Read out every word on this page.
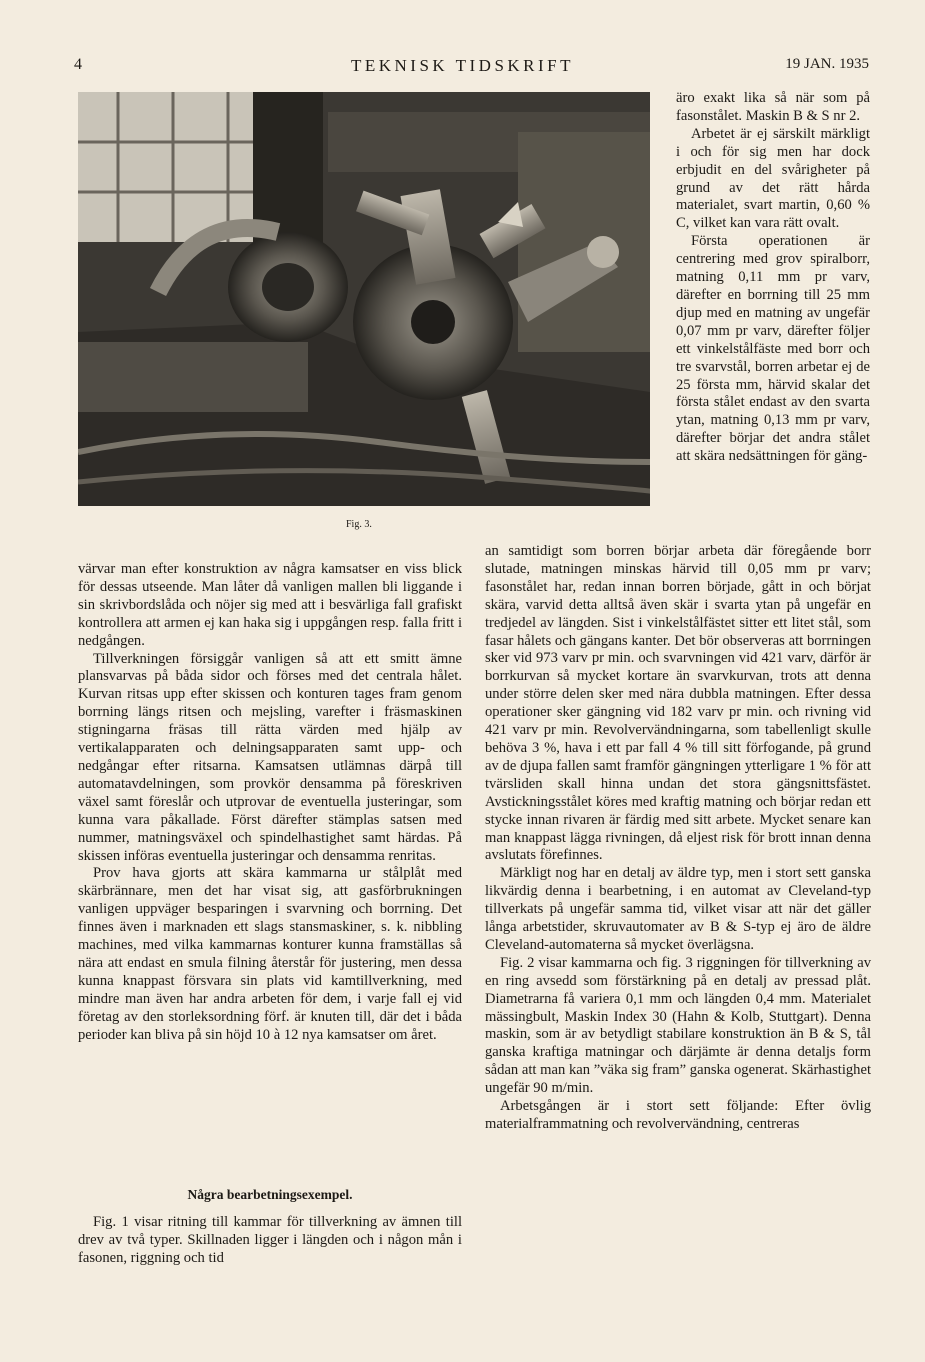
4	TEKNISK TIDSKRIFT	19 JAN. 1935
Fig. 3.

äro exakt lika så när som på fasonstålet. Maskin B & S nr 2.

Arbetet är ej särskilt märkligt i och för sig men har dock erbjudit en del svårigheter på grund av det rätt hårda materialet, svart martin, 0,60 % C, vilket kan vara rätt ovalt.

Första operationen är centrering med grov spiralborr, matning 0,11 mm pr varv, därefter en borrning till 25 mm djup med en matning av ungefär 0,07 mm pr varv, därefter följer ett vinkelstålfäste med borr och tre svarvstål, borren arbetar ej de 25 första mm, härvid skalar det första stålet endast av den svarta ytan, matning 0,13 mm pr varv, därefter börjar det andra stålet att skära nedsättningen för gäng-

värvar man efter konstruktion av några kamsatser en viss blick för dessas utseende. Man låter då vanligen mallen bli liggande i sin skrivbordslåda och nöjer sig med att i besvärliga fall grafiskt kontrollera att armen ej kan haka sig i uppgången resp. falla fritt i nedgången.

Tillverkningen försiggår vanligen så att ett smitt ämne plansvarvas på båda sidor och förses med det centrala hålet. Kurvan ritsas upp efter skissen och konturen tages fram genom borrning längs ritsen och mejsling, varefter i fräsmaskinen stigningarna fräsas till rätta värden med hjälp av vertikalapparaten och delningsapparaten samt upp- och nedgångar efter ritsarna. Kamsatsen utlämnas därpå till automatavdelningen, som provkör densamma på föreskriven växel samt föreslår och utprovar de eventuella justeringar, som kunna vara påkallade. Först därefter stämplas satsen med nummer, matningsväxel och spindelhastighet samt härdas. På skissen införas eventuella justeringar och densamma renritas.

Prov hava gjorts att skära kammarna ur stålplåt med skärbrännare, men det har visat sig, att gasförbrukningen vanligen uppväger besparingen i svarvning och borrning. Det finnes även i marknaden ett slags stansmaskiner, s. k. nibbling machines, med vilka kammarnas konturer kunna framställas så nära att endast en smula filning återstår för justering, men dessa kunna knappast försvara sin plats vid kamtillverkning, med mindre man även har andra arbeten för dem, i varje fall ej vid företag av den storleksordning förf. är knuten till, där det i båda perioder kan bliva på sin höjd 10 à 12 nya kamsatser om året.

Några bearbetningsexempel.

Fig. 1 visar ritning till kammar för tillverkning av ämnen till drev av två typer. Skillnaden ligger i längden och i någon mån i fasonen, riggning och tid

an samtidigt som borren börjar arbeta där föregående borr slutade, matningen minskas härvid till 0,05 mm pr varv; fasonstålet har, redan innan borren började, gått in och börjat skära, varvid detta alltså även skär i svarta ytan på ungefär en tredjedel av längden. Sist i vinkelstålfästet sitter ett litet stål, som fasar hålets och gängans kanter. Det bör observeras att borrningen sker vid 973 varv pr min. och svarvningen vid 421 varv, därför är borrkurvan så mycket kortare än svarvkurvan, trots att denna under större delen sker med nära dubbla matningen. Efter dessa operationer sker gängning vid 182 varv pr min. och rivning vid 421 varv pr min. Revolvervändningarna, som tabellenligt skulle behöva 3 %, hava i ett par fall 4 % till sitt förfogande, på grund av de djupa fallen samt framför gängningen ytterligare 1 % för att tvärsliden skall hinna undan det stora gängsnittsfästet. Avstickningsstålet köres med kraftig matning och börjar redan ett stycke innan rivaren är färdig med sitt arbete. Mycket senare kan man knappast lägga rivningen, då eljest risk för brott innan denna avslutats förefinnes.

Märkligt nog har en detalj av äldre typ, men i stort sett ganska likvärdig denna i bearbetning, i en automat av Cleveland-typ tillverkats på ungefär samma tid, vilket visar att när det gäller långa arbetstider, skruvautomater av B & S-typ ej äro de äldre Cleveland-automaterna så mycket överlägsna.

Fig. 2 visar kammarna och fig. 3 riggningen för tillverkning av en ring avsedd som förstärkning på en detalj av pressad plåt. Diametrarna få variera 0,1 mm och längden 0,4 mm. Materialet mässingbult, Maskin Index 30 (Hahn & Kolb, Stuttgart). Denna maskin, som är av betydligt stabilare konstruktion än B & S, tål ganska kraftiga matningar och därjämte är denna detaljs form sådan att man kan ”väka sig fram” ganska ogenerat. Skärhastighet ungefär 90 m/min.

Arbetsgången är i stort sett följande: Efter övlig materialframmatning och revolvervändning, centreras
